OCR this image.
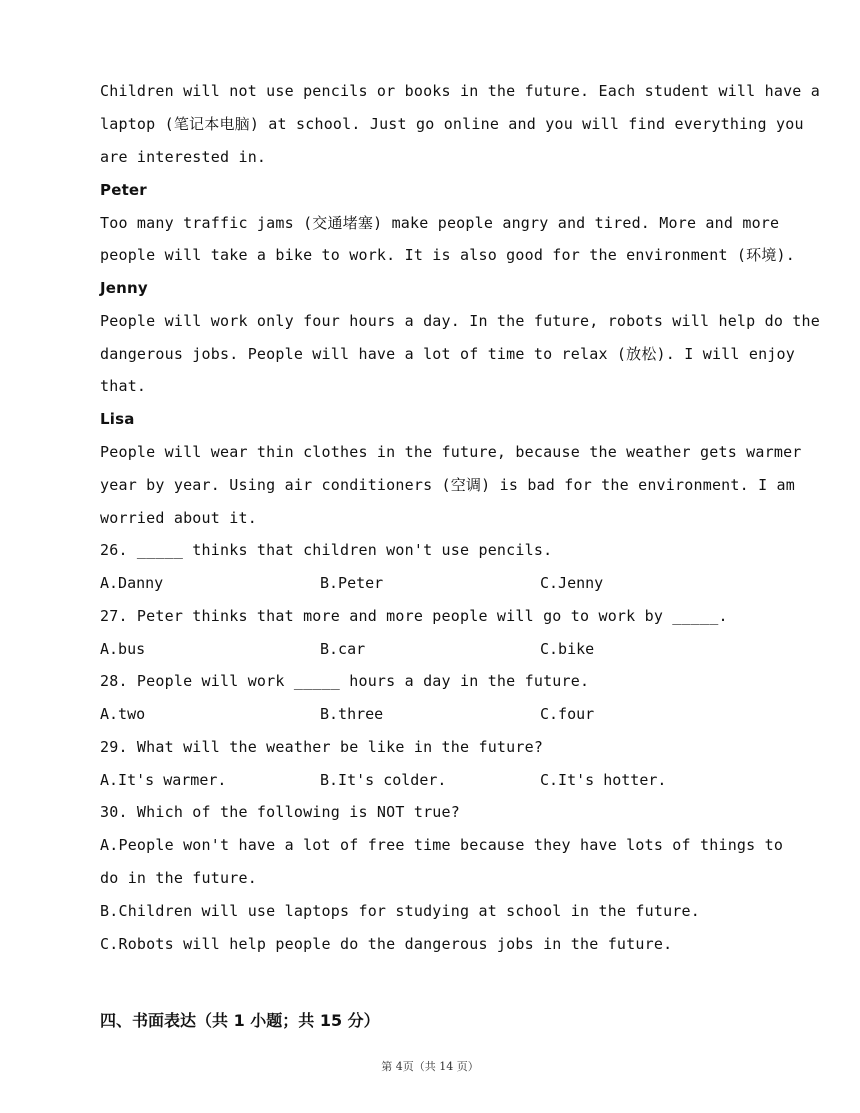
Children will not use pencils or books in the future. Each student will have a
laptop (笔记本电脑) at school. Just go online and you will find everything you
are interested in.
Peter
Too many traffic jams (交通堵塞) make people angry and tired. More and more
people will take a bike to work. It is also good for the environment (环境).
Jenny
People will work only four hours a day. In the future, robots will help do the
dangerous jobs. People will have a lot of time to relax (放松). I will enjoy
that.
Lisa
People will wear thin clothes in the future, because the weather gets warmer
year by year. Using air conditioners (空调) is bad for the environment. I am
worried about it.
26. _____ thinks that children won't use pencils.
A.Danny	B.Peter	C.Jenny
27. Peter thinks that more and more people will go to work by _____.
A.bus	B.car	C.bike
28. People will work _____ hours a day in the future.
A.two	B.three	C.four
29. What will the weather be like in the future?
A.It's warmer.	B.It's colder.	C.It's hotter.
30. Which of the following is NOT true?
A.People won't have a lot of free time because they have lots of things to
do in the future.
B.Children will use laptops for studying at school in the future.
C.Robots will help people do the dangerous jobs in the future.
四、书面表达（共 1 小题；共 15 分）
第 4页（共 14 页）
